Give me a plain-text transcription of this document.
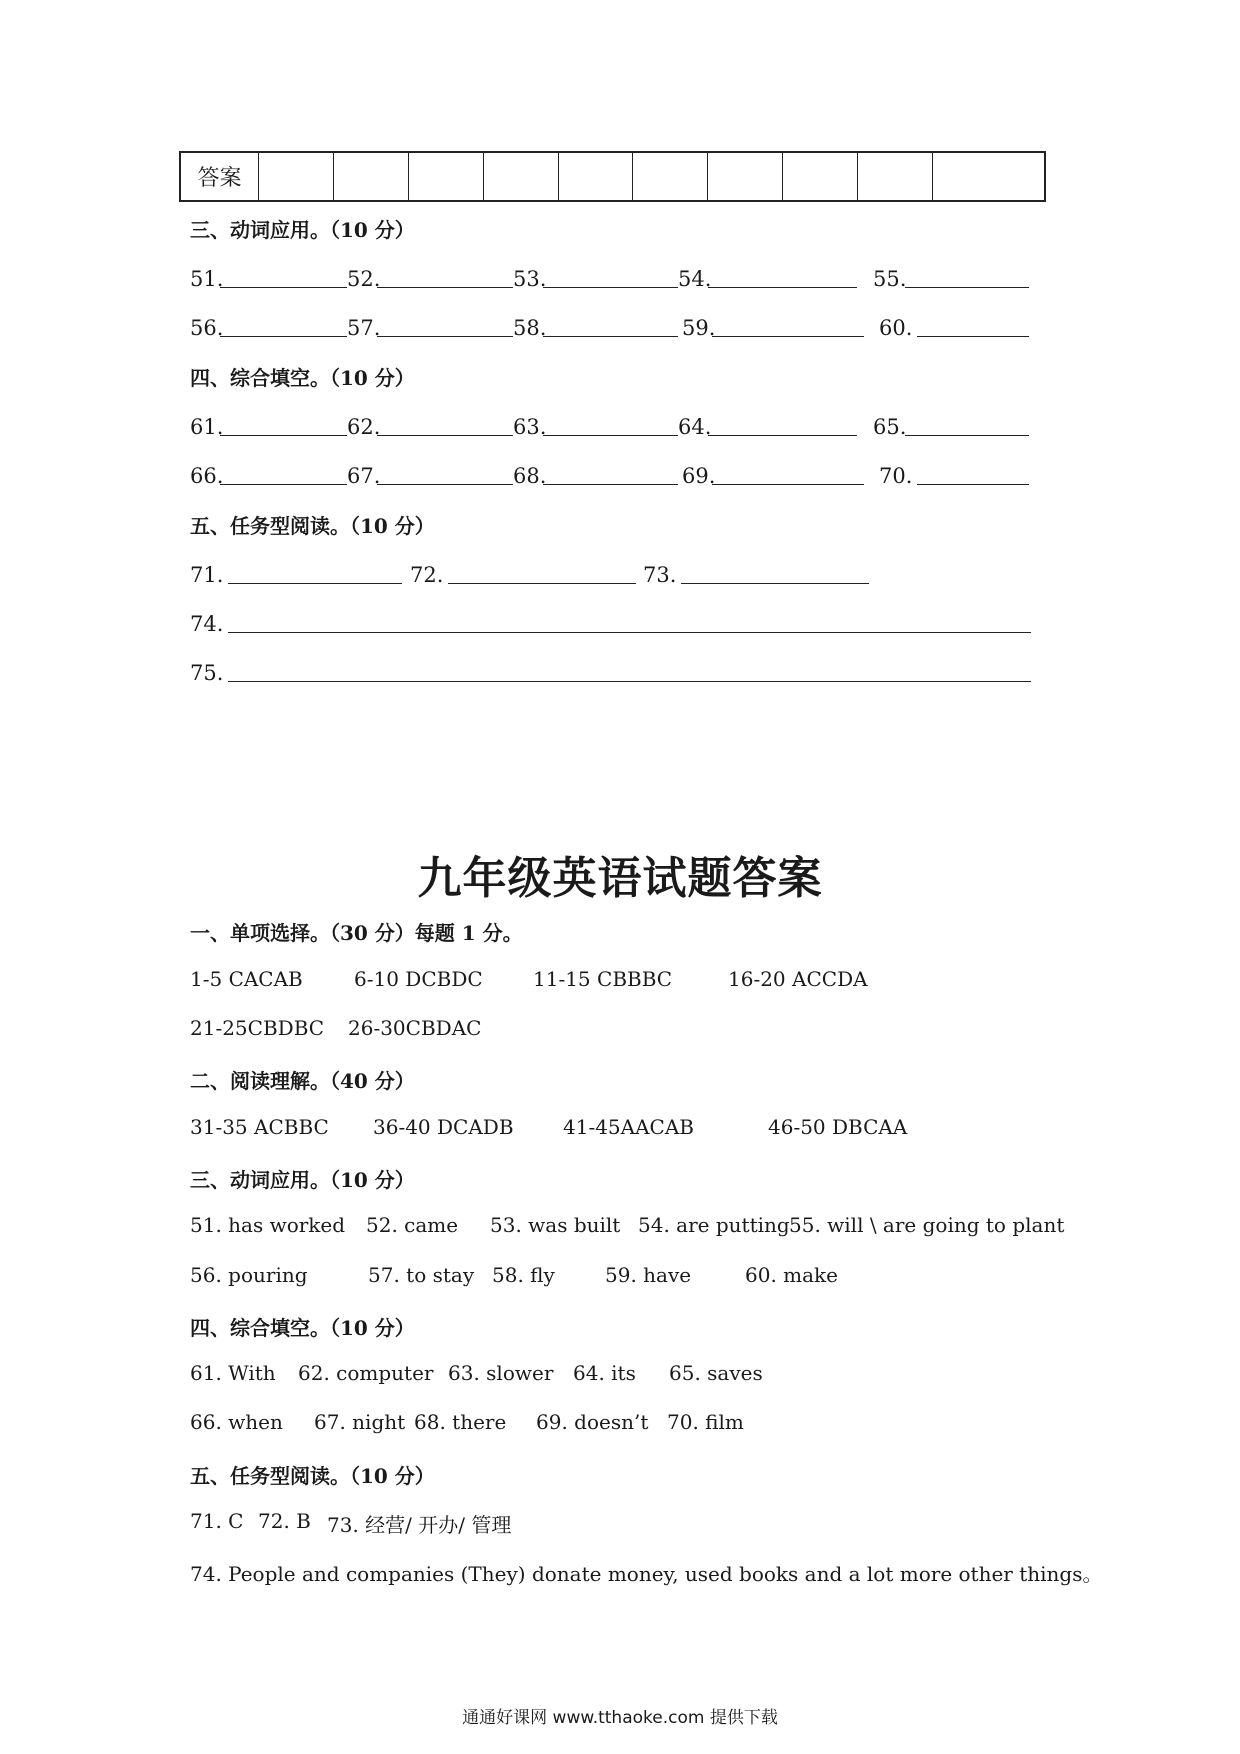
答案										
三、动词应用。（10 分）
51.	52.	53.	54.	55.
56.	57.	58.	59.	60.
四、综合填空。（10 分）
61.	62.	63.	64.	65.
66.	67.	68.	69.	70.
五、任务型阅读。（10 分）
71.	72.	73.
74.
75.
九年级英语试题答案
一、单项选择。（30 分）每题 1 分。
1-5 CACAB	6-10 DCBDC	11-15 CBBBC	16-20 ACCDA
21-25CBDBC 26-30CBDAC
二、阅读理解。（40 分）
31-35 ACBBC 36-40 DCADB 41-45AACAB	46-50 DBCAA
三、动词应用。（10 分）
51. has worked 52. came 53. was built 54. are putting 55. will \ are going to plant
56. pouring	57. to stay 58. fly	59. have	60. make
四、综合填空。（10 分）
61. With 62. computer 63. slower 64. its 65. saves
66. when 67. night 68. there 69. doesn’t 70. film
五、任务型阅读。（10 分）
71. C 72. B 73. 经营/ 开办/ 管理
74. People and companies (They) donate money, used books and a lot more other things。
通通好课网 www.tthaoke.com 提供下载
